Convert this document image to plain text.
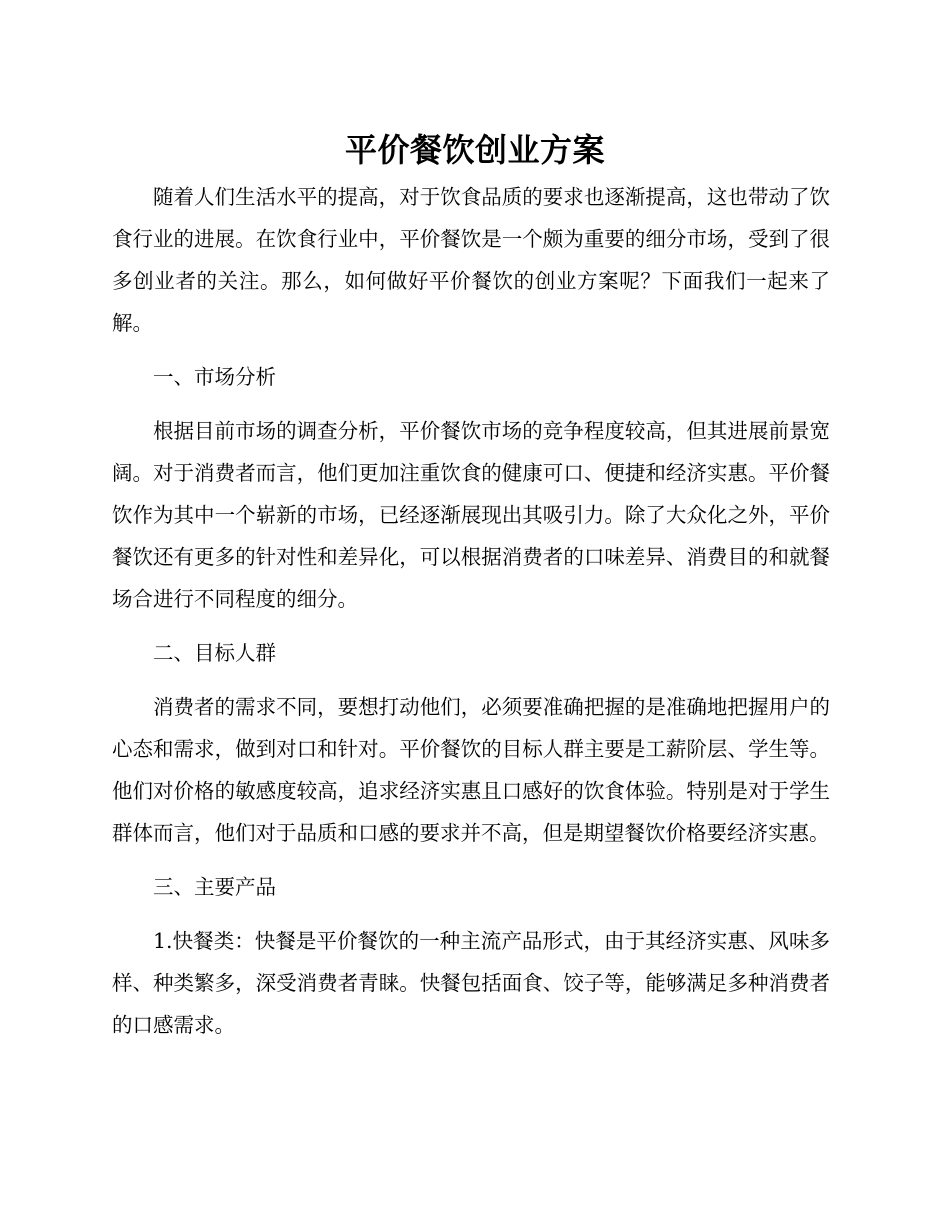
平价餐饮创业方案

随着人们生活水平的提高，对于饮食品质的要求也逐渐提高，这也带动了饮食行业的进展。在饮食行业中，平价餐饮是一个颇为重要的细分市场，受到了很多创业者的关注。那么，如何做好平价餐饮的创业方案呢？下面我们一起来了解。

一、市场分析

根据目前市场的调查分析，平价餐饮市场的竞争程度较高，但其进展前景宽阔。对于消费者而言，他们更加注重饮食的健康可口、便捷和经济实惠。平价餐饮作为其中一个崭新的市场，已经逐渐展现出其吸引力。除了大众化之外，平价餐饮还有更多的针对性和差异化，可以根据消费者的口味差异、消费目的和就餐场合进行不同程度的细分。

二、目标人群

消费者的需求不同，要想打动他们，必须要准确把握的是准确地把握用户的心态和需求，做到对口和针对。平价餐饮的目标人群主要是工薪阶层、学生等。他们对价格的敏感度较高，追求经济实惠且口感好的饮食体验。特别是对于学生群体而言，他们对于品质和口感的要求并不高，但是期望餐饮价格要经济实惠。

三、主要产品

1.快餐类：快餐是平价餐饮的一种主流产品形式，由于其经济实惠、风味多样、种类繁多，深受消费者青睐。快餐包括面食、饺子等，能够满足多种消费者的口感需求。
